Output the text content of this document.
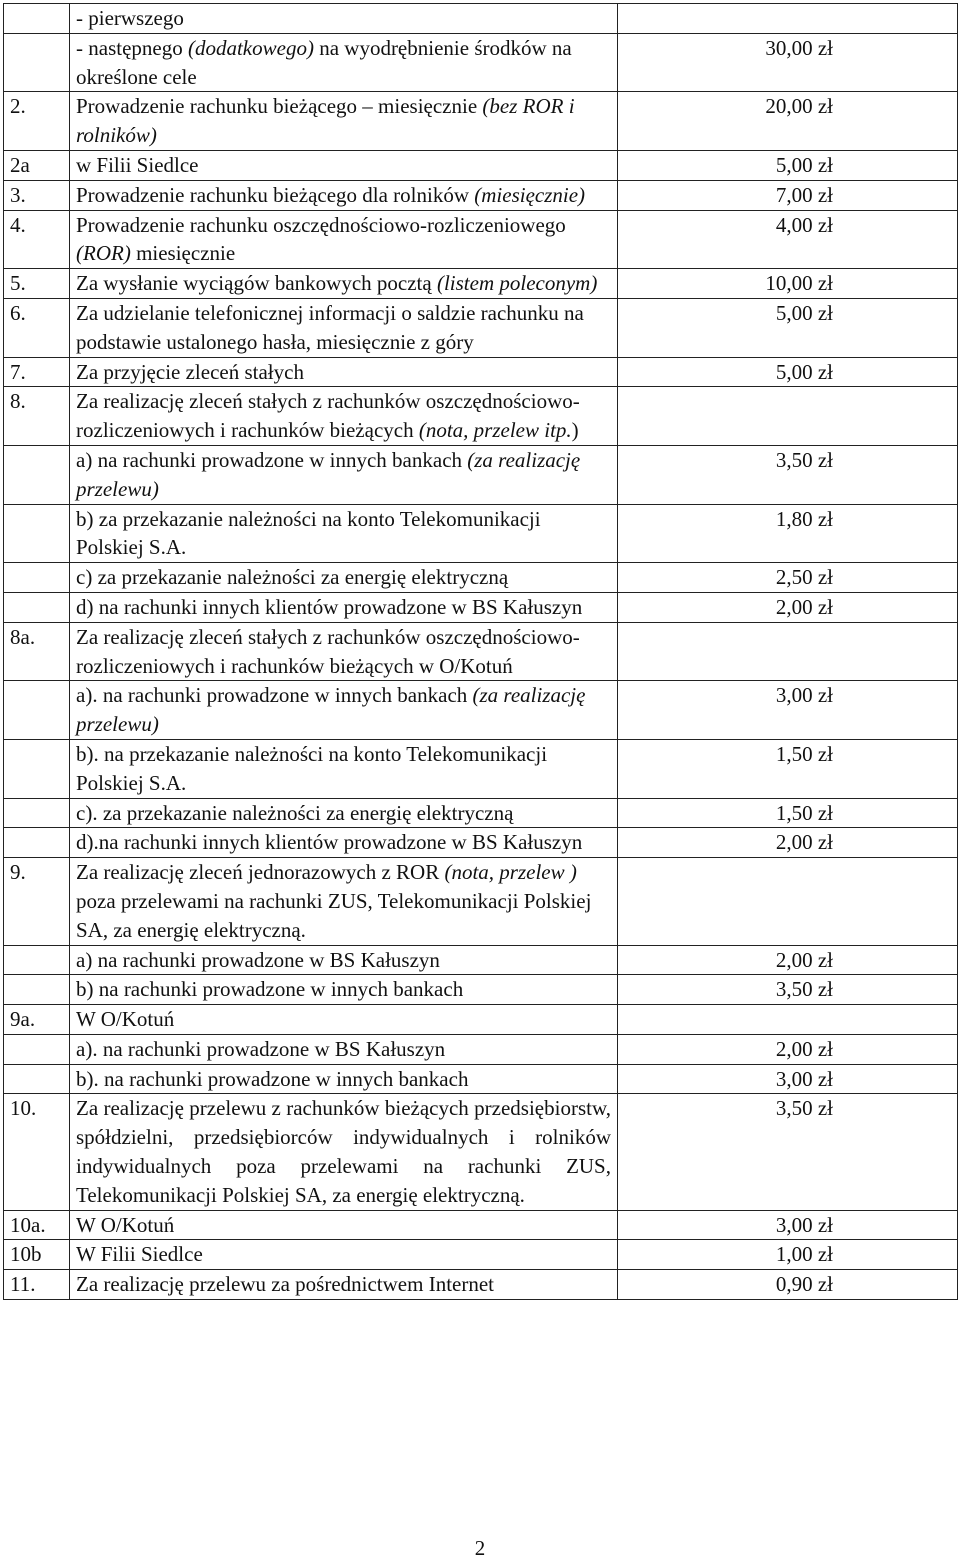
	- pierwszego	
	- następnego (dodatkowego) na wyodrębnienie środków na określone cele	30,00 zł
2.	Prowadzenie rachunku bieżącego – miesięcznie (bez ROR i rolników)	20,00 zł
2a	w Filii Siedlce	5,00 zł
3.	Prowadzenie rachunku bieżącego dla rolników (miesięcznie)	7,00 zł
4.	Prowadzenie rachunku oszczędnościowo-rozliczeniowego (ROR) miesięcznie	4,00 zł
5.	Za wysłanie wyciągów bankowych pocztą (listem poleconym)	10,00 zł
6.	Za udzielanie telefonicznej informacji o saldzie rachunku na podstawie ustalonego hasła, miesięcznie z góry	5,00 zł
7.	Za przyjęcie zleceń stałych	5,00 zł
8.	Za realizację zleceń stałych z rachunków oszczędnościowo- rozliczeniowych i rachunków bieżących (nota, przelew itp.)	
	a) na rachunki prowadzone w innych bankach (za realizację przelewu)	3,50 zł
	b) za przekazanie należności na konto Telekomunikacji Polskiej S.A.	1,80 zł
	c) za przekazanie należności za energię elektryczną	2,50 zł
	d) na rachunki innych klientów prowadzone w BS Kałuszyn	2,00 zł
8a.	Za realizację zleceń stałych z rachunków oszczędnościowo-rozliczeniowych i rachunków bieżących w O/Kotuń	
	a). na rachunki prowadzone w innych bankach (za realizację przelewu)	3,00 zł
	b). na przekazanie należności na konto Telekomunikacji Polskiej S.A.	1,50 zł
	c). za przekazanie należności za energię elektryczną	1,50 zł
	d).na rachunki innych klientów prowadzone w BS Kałuszyn	2,00 zł
9.	Za realizację zleceń jednorazowych z ROR (nota, przelew ) poza przelewami na rachunki ZUS, Telekomunikacji Polskiej SA, za energię elektryczną.	
	a) na rachunki prowadzone w BS Kałuszyn	2,00 zł
	b) na rachunki prowadzone w innych bankach	3,50 zł
9a.	W O/Kotuń	
	a). na rachunki prowadzone w BS Kałuszyn	2,00 zł
	b). na rachunki prowadzone w innych bankach	3,00 zł
10.	Za realizację przelewu z rachunków bieżących przedsiębiorstw, spółdzielni, przedsiębiorców indywidualnych i rolników indywidualnych poza przelewami na rachunki ZUS, Telekomunikacji Polskiej SA, za energię elektryczną.	3,50 zł
10a.	W O/Kotuń	3,00 zł
10b	W Filii Siedlce	1,00 zł
11.	Za realizację przelewu za pośrednictwem Internet	0,90 zł
2
